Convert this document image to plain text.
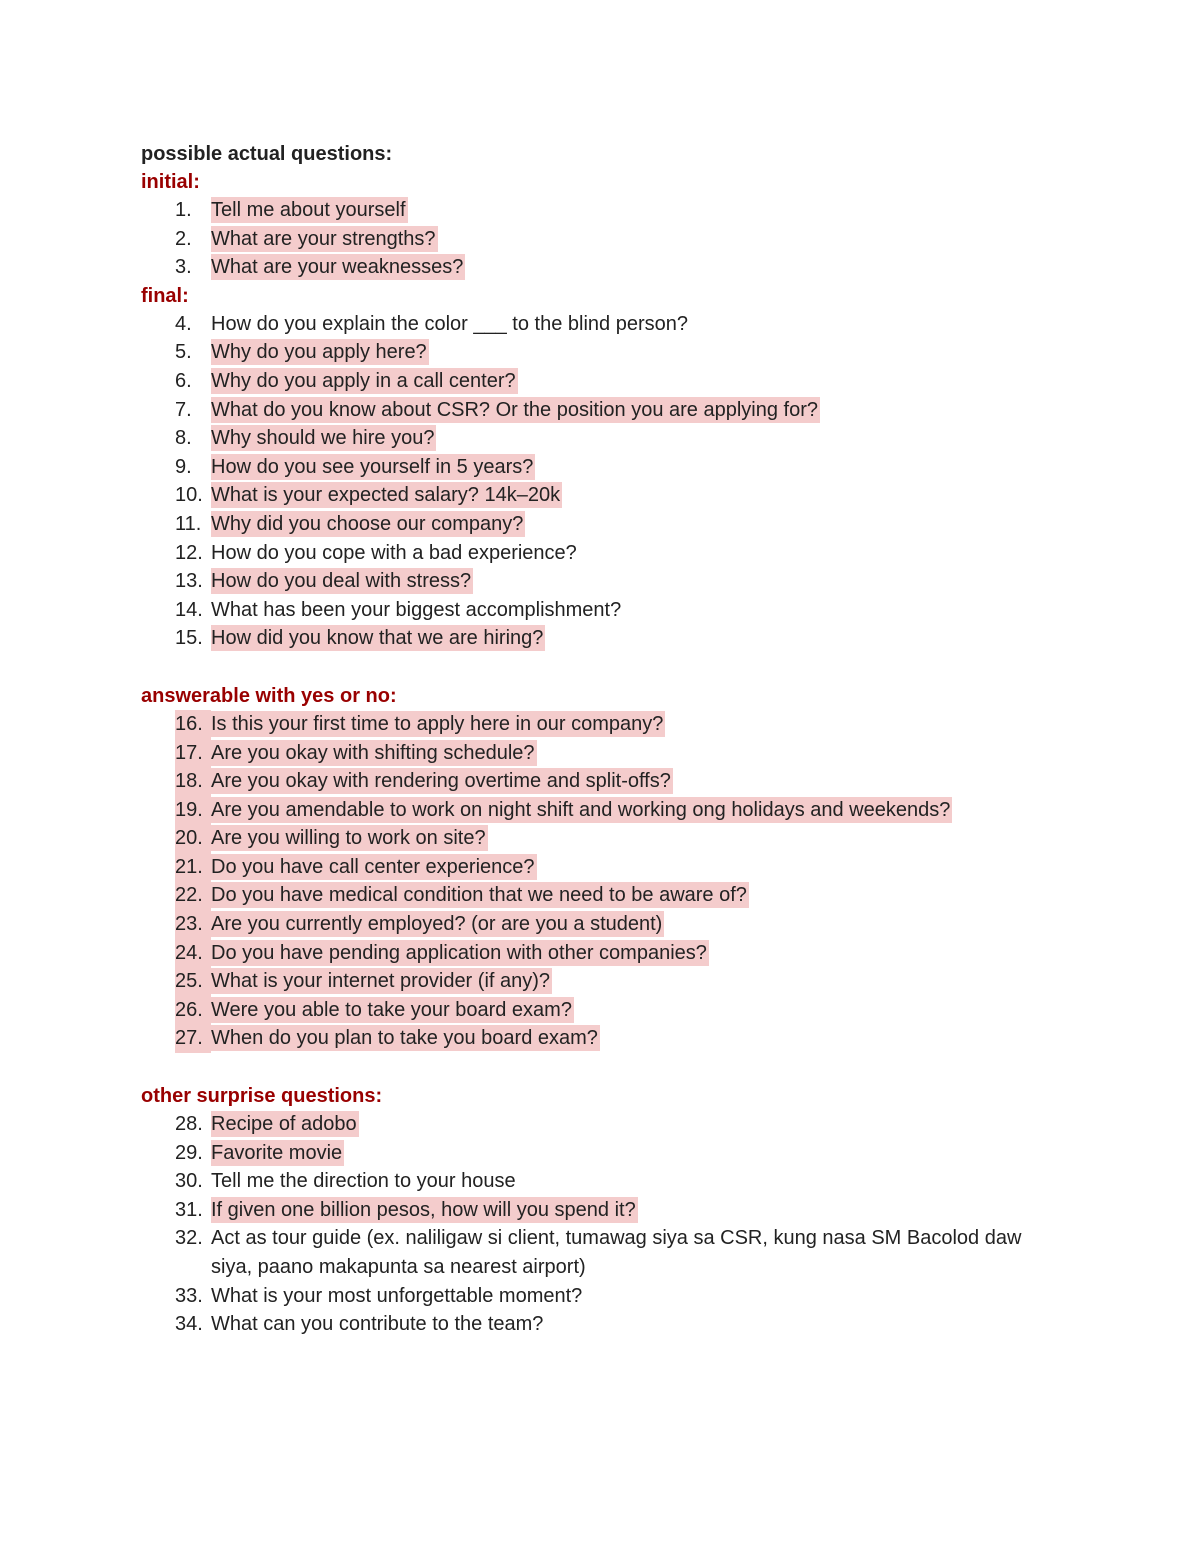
possible actual questions:
initial:
1. Tell me about yourself
2. What are your strengths?
3. What are your weaknesses?
final:
4. How do you explain the color ___ to the blind person?
5. Why do you apply here?
6. Why do you apply in a call center?
7. What do you know about CSR? Or the position you are applying for?
8. Why should we hire you?
9. How do you see yourself in 5 years?
10. What is your expected salary? 14k–20k
11. Why did you choose our company?
12. How do you cope with a bad experience?
13. How do you deal with stress?
14. What has been your biggest accomplishment?
15. How did you know that we are hiring?
answerable with yes or no:
16. Is this your first time to apply here in our company?
17. Are you okay with shifting schedule?
18. Are you okay with rendering overtime and split-offs?
19. Are you amendable to work on night shift and working ong holidays and weekends?
20. Are you willing to work on site?
21. Do you have call center experience?
22. Do you have medical condition that we need to be aware of?
23. Are you currently employed? (or are you a student)
24. Do you have pending application with other companies?
25. What is your internet provider (if any)?
26. Were you able to take your board exam?
27. When do you plan to take you board exam?
other surprise questions:
28. Recipe of adobo
29. Favorite movie
30. Tell me the direction to your house
31. If given one billion pesos, how will you spend it?
32. Act as tour guide (ex. naliligaw si client, tumawag siya sa CSR, kung nasa SM Bacolod daw siya, paano makapunta sa nearest airport)
33. What is your most unforgettable moment?
34. What can you contribute to the team?
